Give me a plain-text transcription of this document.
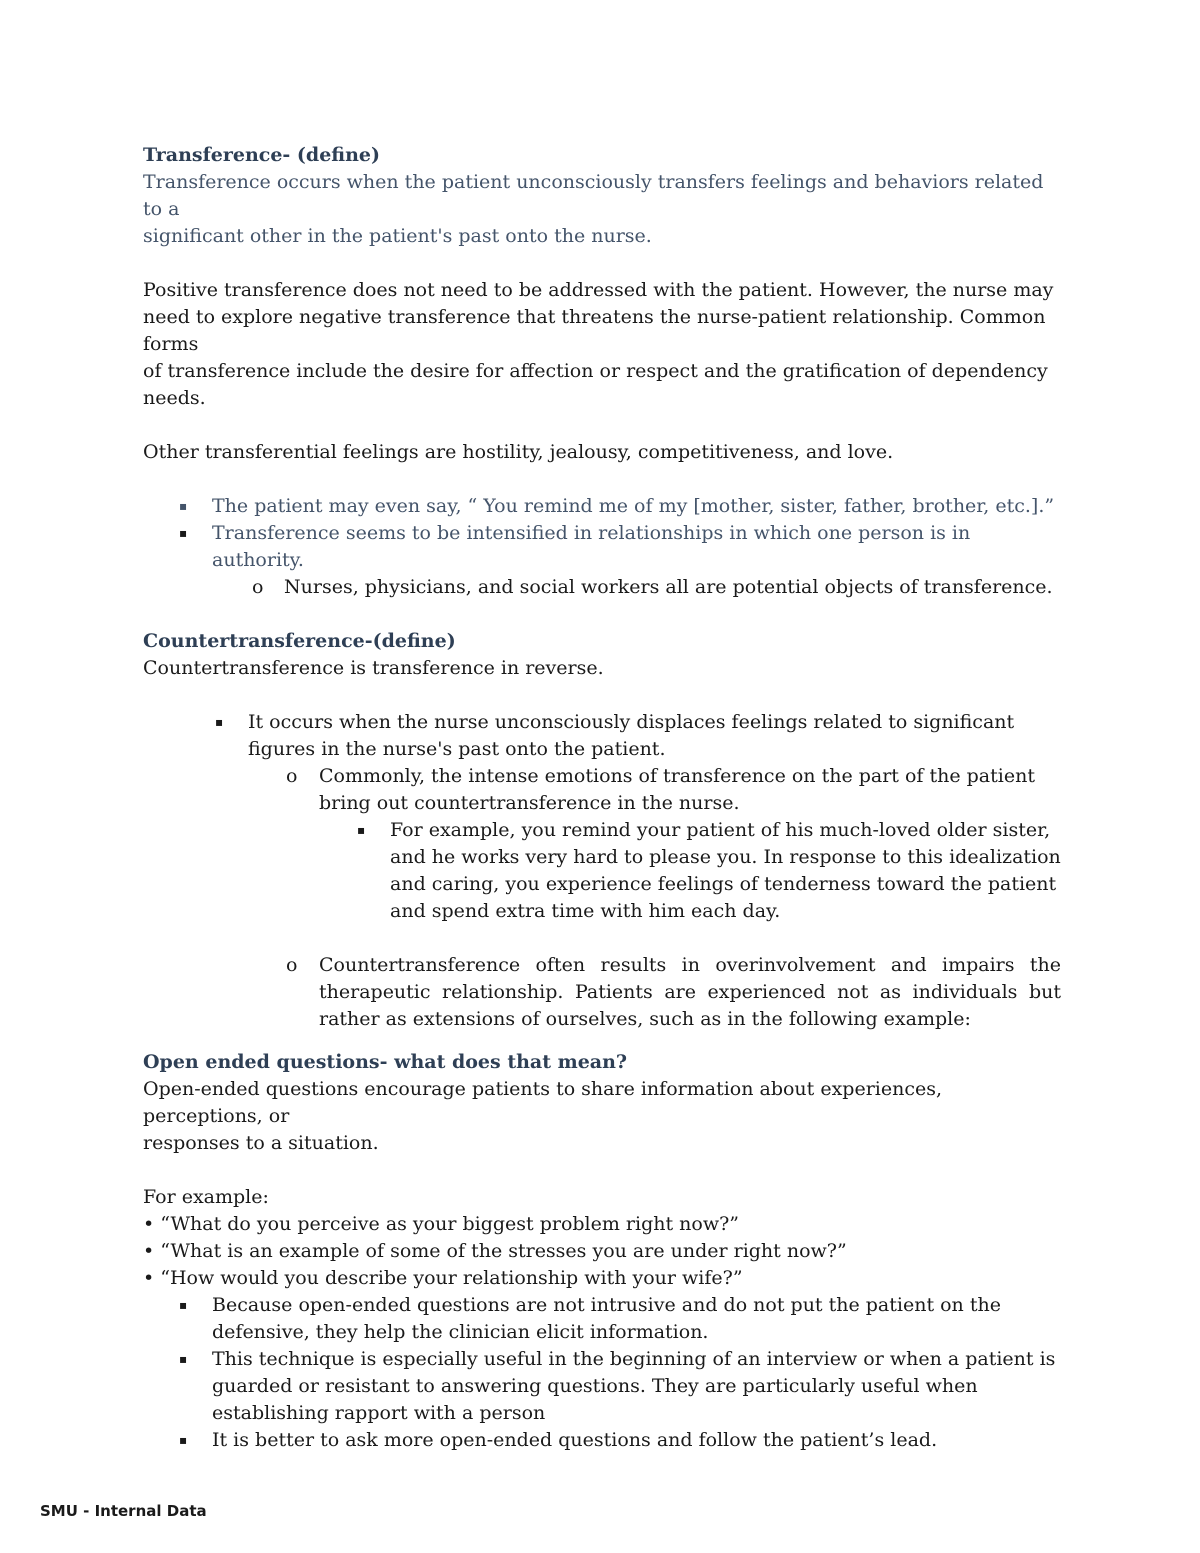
Transference- (define)

Transference occurs when the patient unconsciously transfers feelings and behaviors related to a

significant other in the patient's past onto the nurse.

Positive transference does not need to be addressed with the patient. However, the nurse may

need to explore negative transference that threatens the nurse-patient relationship. Common

forms

of transference include the desire for affection or respect and the gratification of dependency

needs.

Other transferential feelings are hostility, jealousy, competitiveness, and love.

▪ The patient may even say, “ You remind me of my [mother, sister, father, brother, etc.].”
▪ Transference seems to be intensified in relationships in which one person is in authority.
o Nurses, physicians, and social workers all are potential objects of transference.

Countertransference-(define)

Countertransference is transference in reverse.

▪ It occurs when the nurse unconsciously displaces feelings related to significant
figures in the nurse's past onto the patient.
o Commonly, the intense emotions of transference on the part of the patient
bring out countertransference in the nurse.
▪ For example, you remind your patient of his much-loved older sister,
and he works very hard to please you. In response to this idealization
and caring, you experience feelings of tenderness toward the patient
and spend extra time with him each day.
o Countertransference often results in overinvolvement and impairs the therapeutic relationship. Patients are experienced not as individuals but rather as extensions of ourselves, such as in the following example:

Open ended questions- what does that mean?

Open-ended questions encourage patients to share information about experiences, perceptions, or

responses to a situation.

For example:

• “What do you perceive as your biggest problem right now?”

• “What is an example of some of the stresses you are under right now?”

• “How would you describe your relationship with your wife?”

▪ Because open-ended questions are not intrusive and do not put the patient on the
defensive, they help the clinician elicit information.
▪ This technique is especially useful in the beginning of an interview or when a patient is
guarded or resistant to answering questions. They are particularly useful when
establishing rapport with a person
▪ It is better to ask more open-ended questions and follow the patient’s lead.
SMU - Internal Data
